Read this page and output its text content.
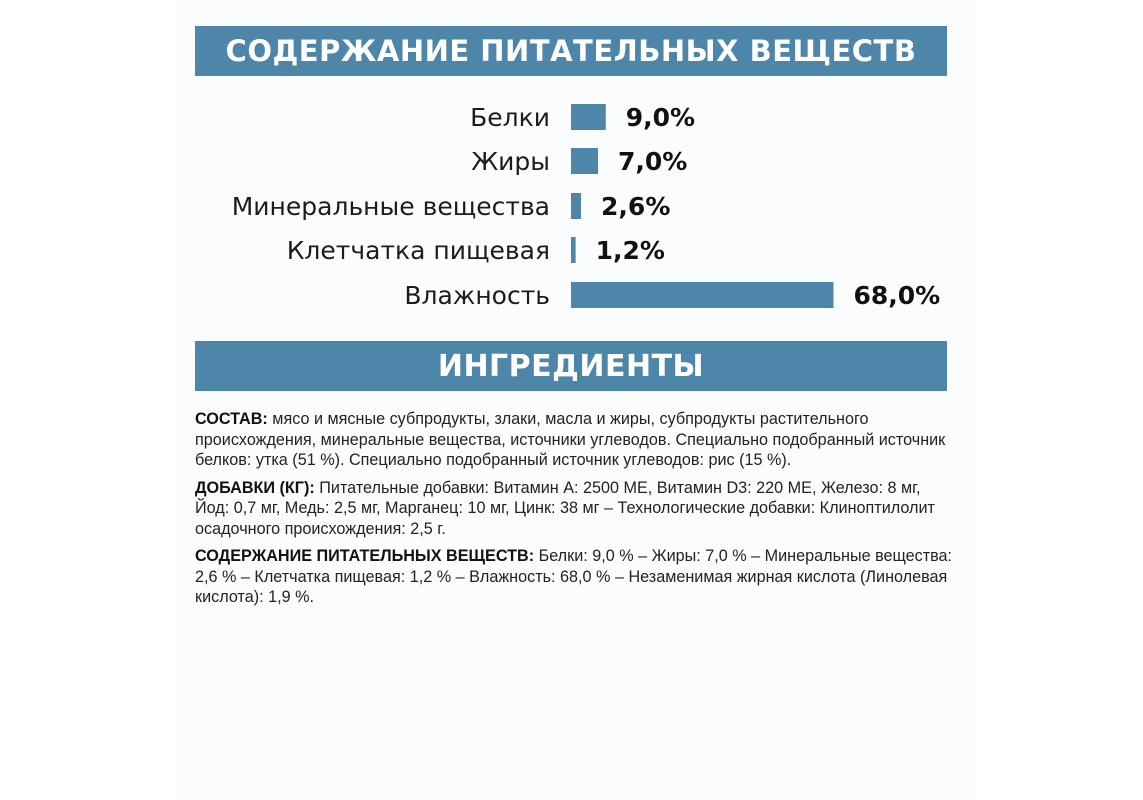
СОДЕРЖАНИЕ ПИТАТЕЛЬНЫХ ВЕЩЕСТВ
Белки	9,0%
Жиры	7,0%
Минеральные вещества 2,6%
Клетчатка пищевая 1,2%
Влажность	68,0%
ИНГРЕДИЕНТЫ

СОСТАВ: мясо и мясные субпродукты, злаки, масла и жиры, субпродукты растительного происхождения, минеральные вещества, источники углеводов. Специально подобранный источник белков: утка (51 %). Специально подобранный источник углеводов: рис (15 %).

ДОБАВКИ (КГ): Питательные добавки: Витамин А: 2500 МЕ, Витамин D3: 220 МЕ, Железо: 8 мг, Йод: 0,7 мг, Медь: 2,5 мг, Марганец: 10 мг, Цинк: 38 мг – Технологические добавки: Клиноптилолит осадочного происхождения: 2,5 г.

СОДЕРЖАНИЕ ПИТАТЕЛЬНЫХ ВЕЩЕСТВ: Белки: 9,0 % – Жиры: 7,0 % – Минеральные вещества: 2,6 % – Клетчатка пищевая: 1,2 % – Влажность: 68,0 % – Незаменимая жирная кислота (Линолевая кислота): 1,9 %.
